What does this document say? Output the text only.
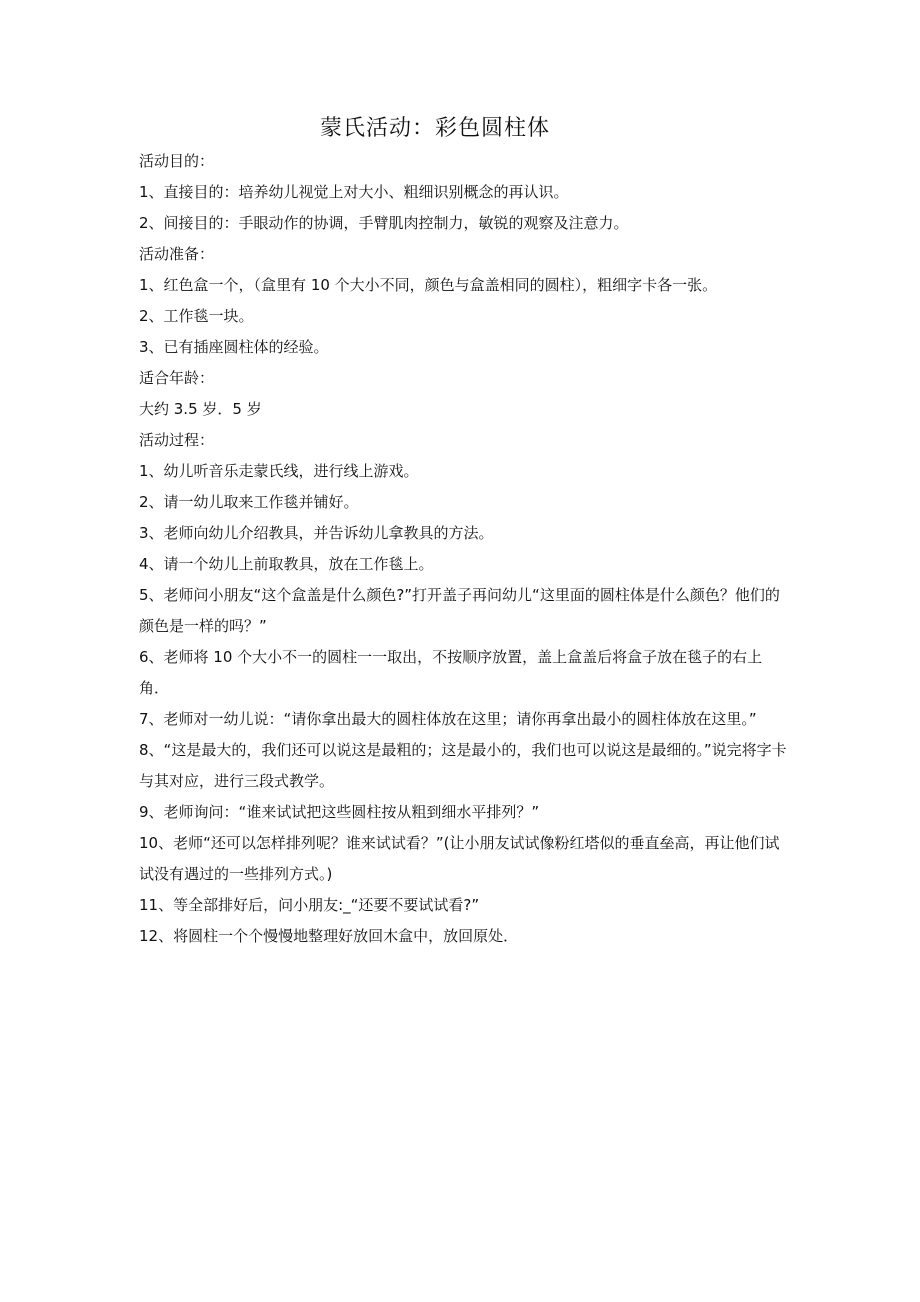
蒙氏活动：彩色圆柱体

活动目的：

1、直接目的：培养幼儿视觉上对大小、粗细识别概念的再认识。

2、间接目的：手眼动作的协调，手臂肌肉控制力，敏锐的观察及注意力。

活动准备：

1、红色盒一个，（盒里有 10 个大小不同，颜色与盒盖相同的圆柱），粗细字卡各一张。

2、工作毯一块。

3、已有插座圆柱体的经验。

适合年龄：

大约 3.5 岁．5 岁

活动过程：

1、幼儿听音乐走蒙氏线，进行线上游戏。

2、请一幼儿取来工作毯并铺好。

3、老师向幼儿介绍教具，并告诉幼儿拿教具的方法。

4、请一个幼儿上前取教具，放在工作毯上。

5、老师问小朋友“这个盒盖是什么颜色?”打开盖子再问幼儿“这里面的圆柱体是什么颜色？他们的颜色是一样的吗？”

6、老师将 10 个大小不一的圆柱一一取出，不按顺序放置，盖上盒盖后将盒子放在毯子的右上角．

7、老师对一幼儿说：“请你拿出最大的圆柱体放在这里；请你再拿出最小的圆柱体放在这里。”

8、“这是最大的，我们还可以说这是最粗的；这是最小的，我们也可以说这是最细的。”说完将字卡与其对应，进行三段式教学。

9、老师询问：“谁来试试把这些圆柱按从粗到细水平排列？”

10、老师“还可以怎样排列呢？谁来试试看？”(让小朋友试试像粉红塔似的垂直垒高，再让他们试试没有遇过的一些排列方式。)

11、等全部排好后，问小朋友:_“还要不要试试看?”

12、将圆柱一个个慢慢地整理好放回木盒中，放回原处．
